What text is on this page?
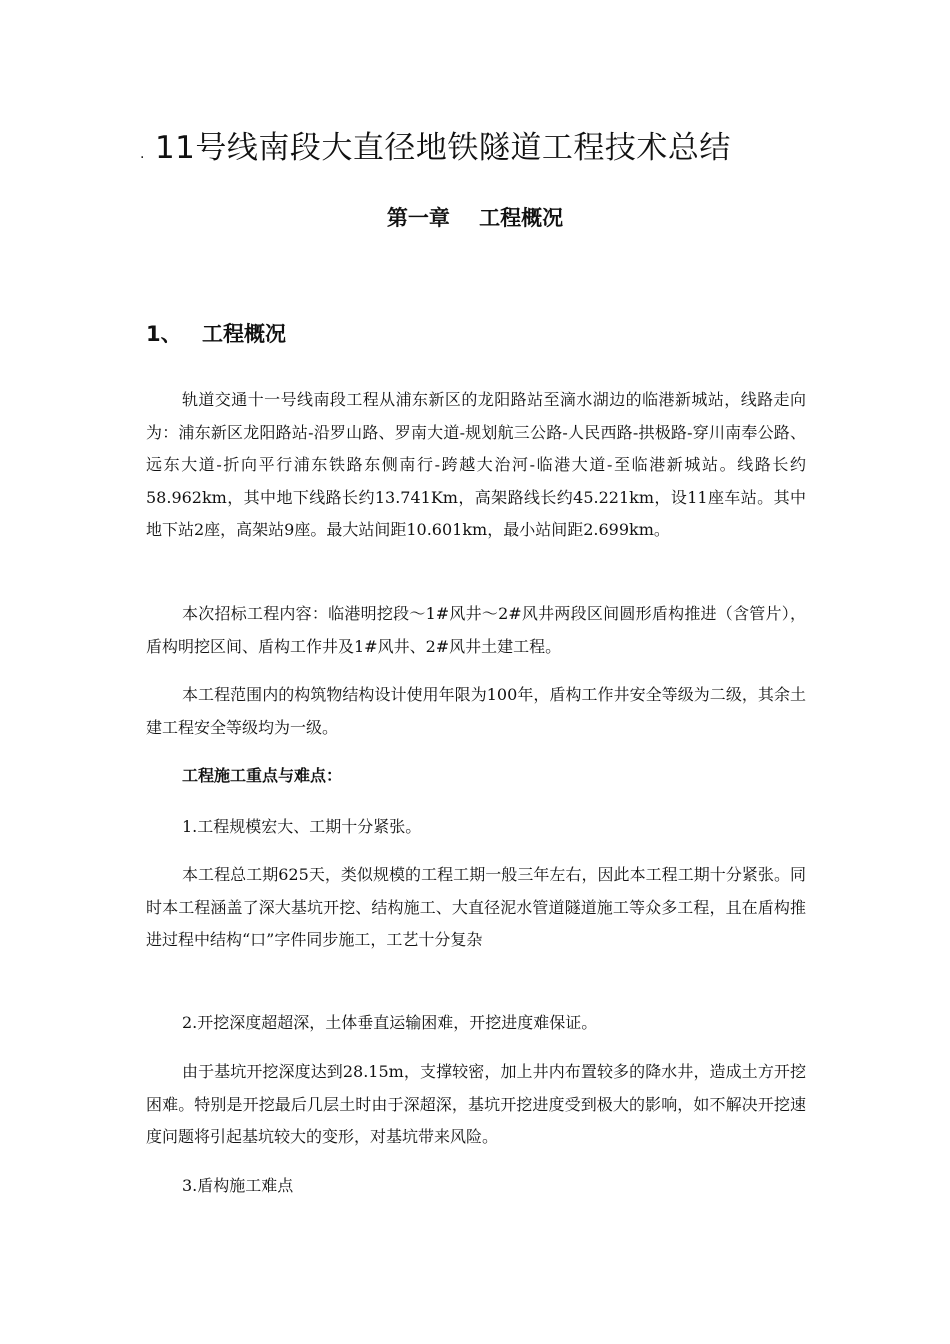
. 11号线南段大直径地铁隧道工程技术总结
第一章    工程概况
1、 工程概况

轨道交通十一号线南段工程从浦东新区的龙阳路站至滴水湖边的临港新城站，线路走向为：浦东新区龙阳路站-沿罗山路、罗南大道-规划航三公路-人民西路-拱极路-穿川南奉公路、远东大道-折向平行浦东铁路东侧南行-跨越大治河-临港大道-至临港新城站。线路长约58.962km，其中地下线路长约13.741Km，高架路线长约45.221km，设11座车站。其中地下站2座，高架站9座。最大站间距10.601km，最小站间距2.699km。

本次招标工程内容：临港明挖段～1#风井～2#风井两段区间圆形盾构推进（含管片），盾构明挖区间、盾构工作井及1#风井、2#风井土建工程。

本工程范围内的构筑物结构设计使用年限为100年，盾构工作井安全等级为二级，其余土建工程安全等级均为一级。

工程施工重点与难点：

1.工程规模宏大、工期十分紧张。

本工程总工期625天，类似规模的工程工期一般三年左右，因此本工程工期十分紧张。同时本工程涵盖了深大基坑开挖、结构施工、大直径泥水管道隧道施工等众多工程，且在盾构推进过程中结构“口”字件同步施工，工艺十分复杂

2.开挖深度超超深，土体垂直运输困难，开挖进度难保证。

由于基坑开挖深度达到28.15m，支撑较密，加上井内布置较多的降水井，造成土方开挖困难。特别是开挖最后几层土时由于深超深，基坑开挖进度受到极大的影响，如不解决开挖速度问题将引起基坑较大的变形，对基坑带来风险。

3.盾构施工难点
